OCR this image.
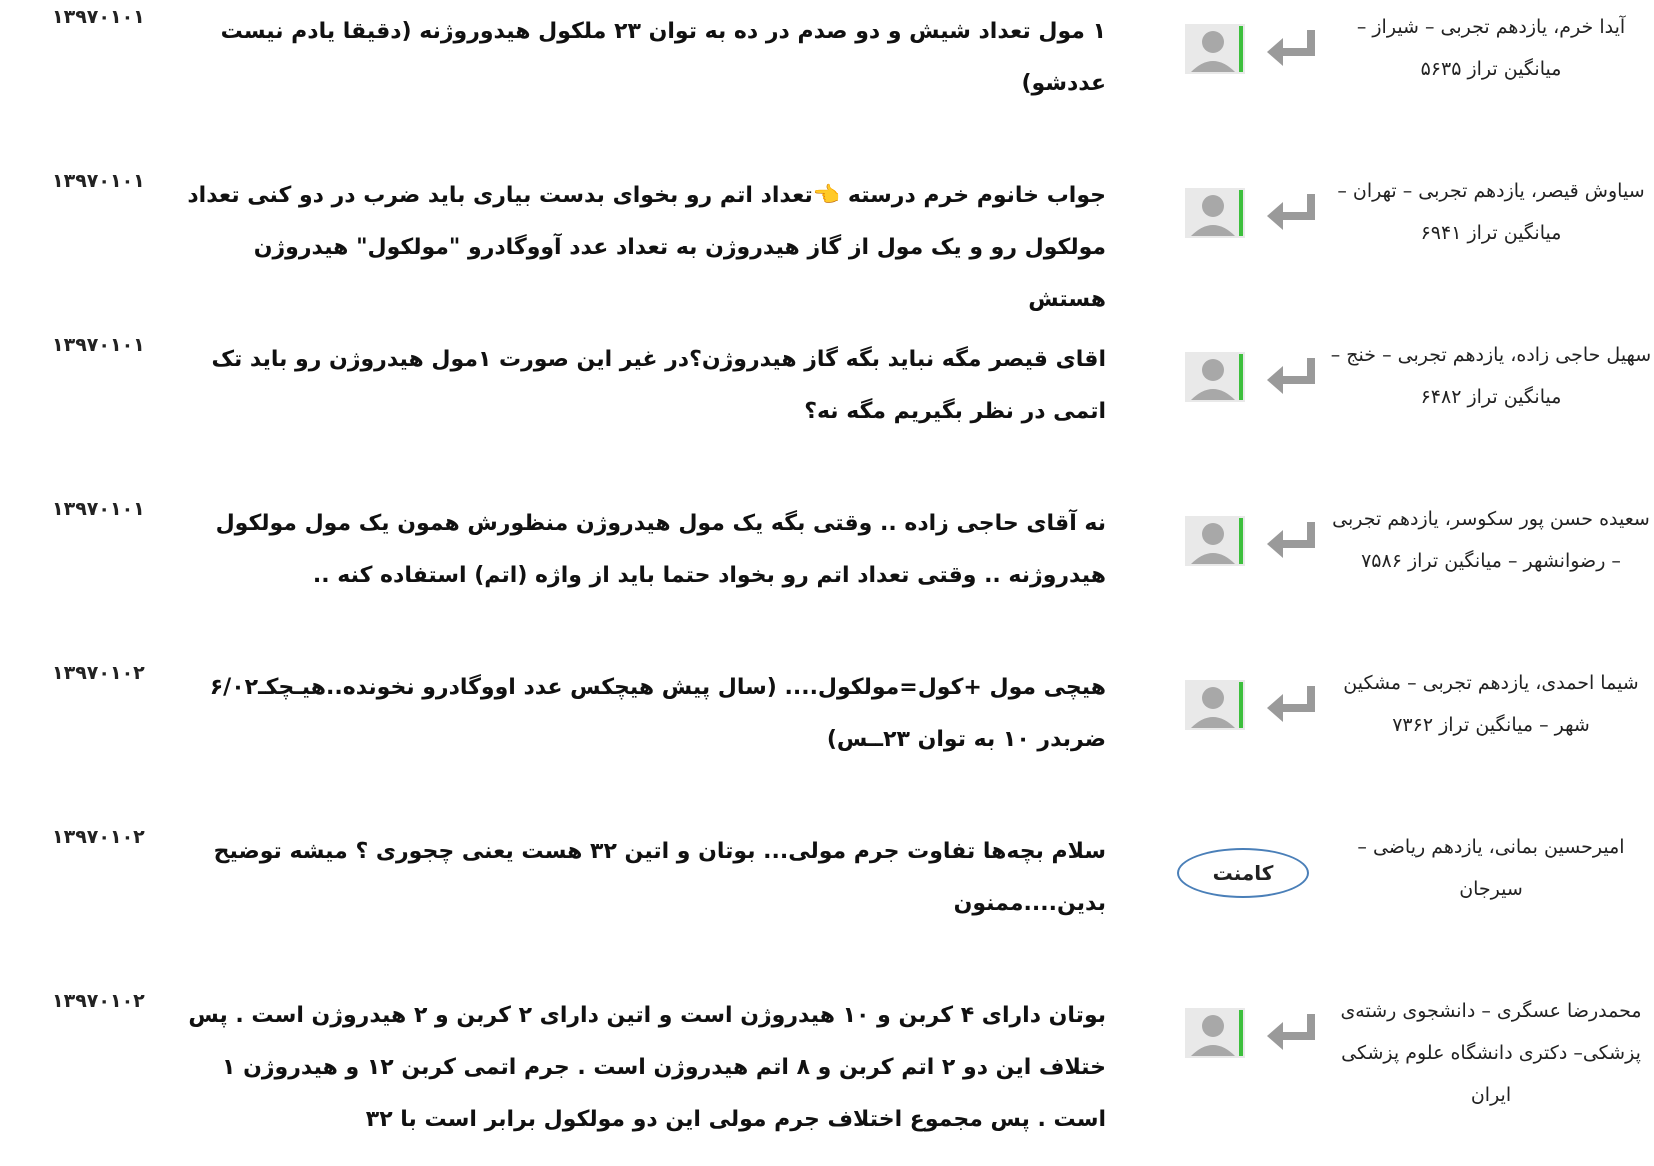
آیدا خرم، یازدهم تجربی – شیراز – میانگین تراز ۵۶۳۵
۱ مول تعداد شیش و دو صدم در ده به توان ۲۳ ملکول هیدوروژنه (دقیقا یادم نیست عددشو)
۱۳۹۷۰۱۰۱
سیاوش قیصر، یازدهم تجربی – تهران – میانگین تراز ۶۹۴۱
جواب خانوم خرم درسته 👈تعداد اتم رو بخوای بدست بیاری باید ضرب در دو کنی تعداد مولکول رو و یک مول از گاز هیدروژن به تعداد عدد آووگادرو "مولکول" هیدروژن هستش
۱۳۹۷۰۱۰۱
سهیل حاجی زاده، یازدهم تجربی – خنج – میانگین تراز ۶۴۸۲
اقای قیصر مگه نباید بگه گاز هیدروژن؟در غیر این صورت ۱مول هیدروژن رو باید تک اتمی در نظر بگیریم مگه نه؟
۱۳۹۷۰۱۰۱
سعیده حسن پور سکوسر، یازدهم تجربی – رضوانشهر – میانگین تراز ۷۵۸۶
نه آقای حاجی زاده .. وقتی بگه یک مول هیدروژن منظورش همون یک مول مولکول هیدروژنه .. وقتی تعداد اتم رو بخواد حتما باید از واژه (اتم) استفاده کنه ..
۱۳۹۷۰۱۰۱
شیما احمدی، یازدهم تجربی – مشکین شهر – میانگین تراز ۷۳۶۲
هیچی مول +کول=مولکول.... (سال پیش هیچکس عدد اووگادرو نخونده..هیـچکـ۶/۰۲ ضربدر ۱۰ به توان ۲۳ــس)
۱۳۹۷۰۱۰۲
امیرحسین بمانی، یازدهم ریاضی – سیرجان
کامنت
سلام بچه‌ها تفاوت جرم مولی... بوتان و اتین ۳۲ هست یعنی چجوری ؟ میشه توضیح بدین....ممنون
۱۳۹۷۰۱۰۲
محمدرضا عسگری – دانشجوی رشته‌ی پزشکی– دکتری دانشگاه علوم پزشکی ایران
بوتان دارای ۴ کربن و ۱۰ هیدروژن است و اتین دارای ۲ کربن و ۲ هیدروژن است . پس ختلاف این دو ۲ اتم کربن و ۸ اتم هیدروژن است . جرم اتمی کربن ۱۲ و هیدروژن ۱ است . پس مجموع اختلاف جرم مولی این دو مولکول برابر است با ۳۲
۱۳۹۷۰۱۰۲
